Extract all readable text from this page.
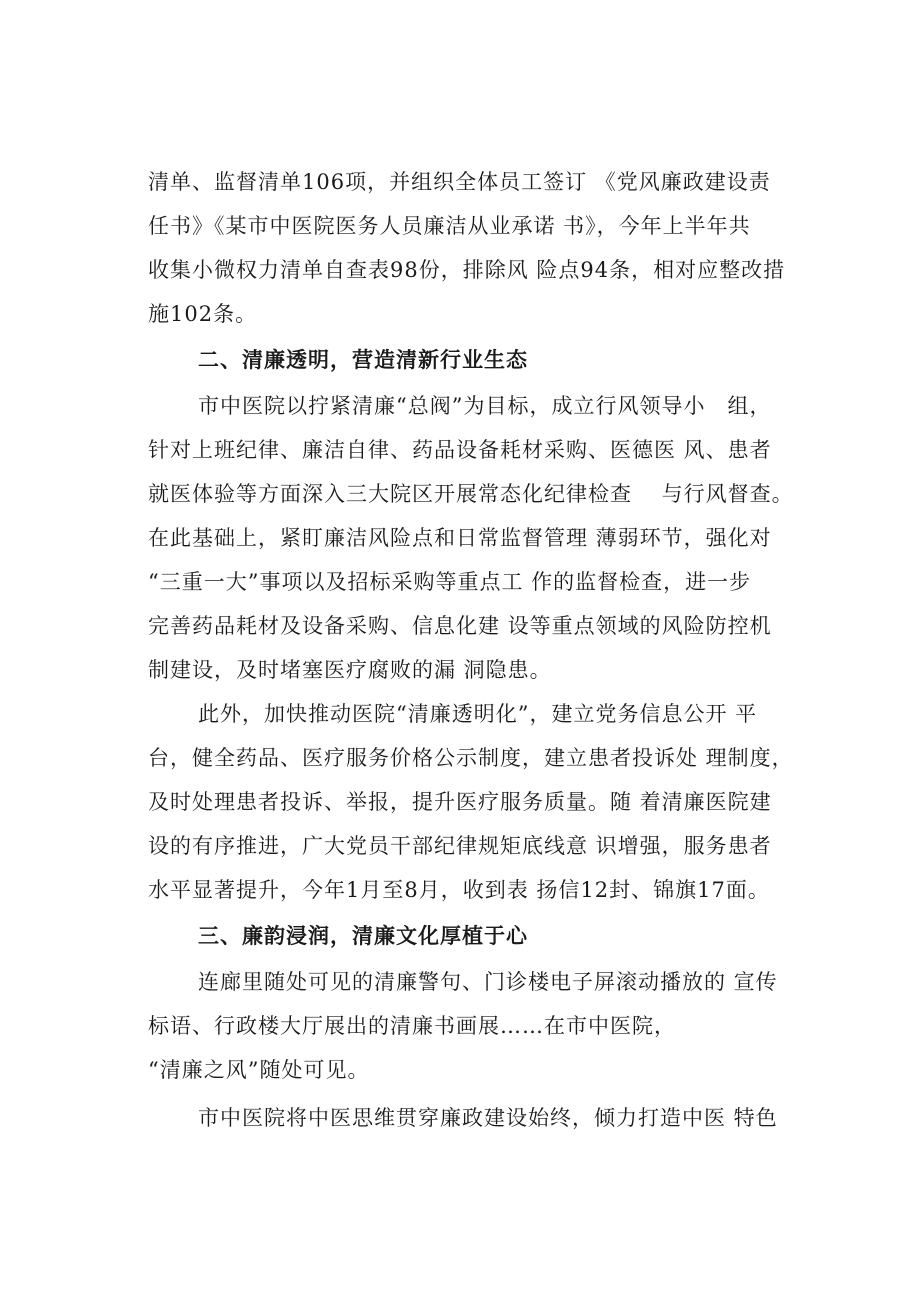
清单、监督清单106项，并组织全体员工签订 《党风廉政建设责
任书》《某市中医院医务人员廉洁从业承诺 书》，今年上半年共
收集小微权力清单自查表98份，排除风 险点94条，相对应整改措
施102条。
二、清廉透明，营造清新行业生态
市中医院以拧紧清廉“总阀”为目标，成立行风领导小　组，
针对上班纪律、廉洁自律、药品设备耗材采购、医德医 风、患者
就医体验等方面深入三大院区开展常态化纪律检查　 与行风督查。
在此基础上，紧盯廉洁风险点和日常监督管理 薄弱环节，强化对
“三重一大”事项以及招标采购等重点工 作的监督检查，进一步
完善药品耗材及设备采购、信息化建 设等重点领域的风险防控机
制建设，及时堵塞医疗腐败的漏 洞隐患。
此外，加快推动医院“清廉透明化”，建立党务信息公开 平
台，健全药品、医疗服务价格公示制度，建立患者投诉处 理制度，
及时处理患者投诉、举报，提升医疗服务质量。随 着清廉医院建
设的有序推进，广大党员干部纪律规矩底线意 识增强，服务患者
水平显著提升，今年1月至8月，收到表 扬信12封、锦旗17面。
三、廉韵浸润，清廉文化厚植于心
连廊里随处可见的清廉警句、门诊楼电子屏滚动播放的 宣传
标语、行政楼大厅展出的清廉书画展……在市中医院，
“清廉之风”随处可见。
市中医院将中医思维贯穿廉政建设始终，倾力打造中医 特色
